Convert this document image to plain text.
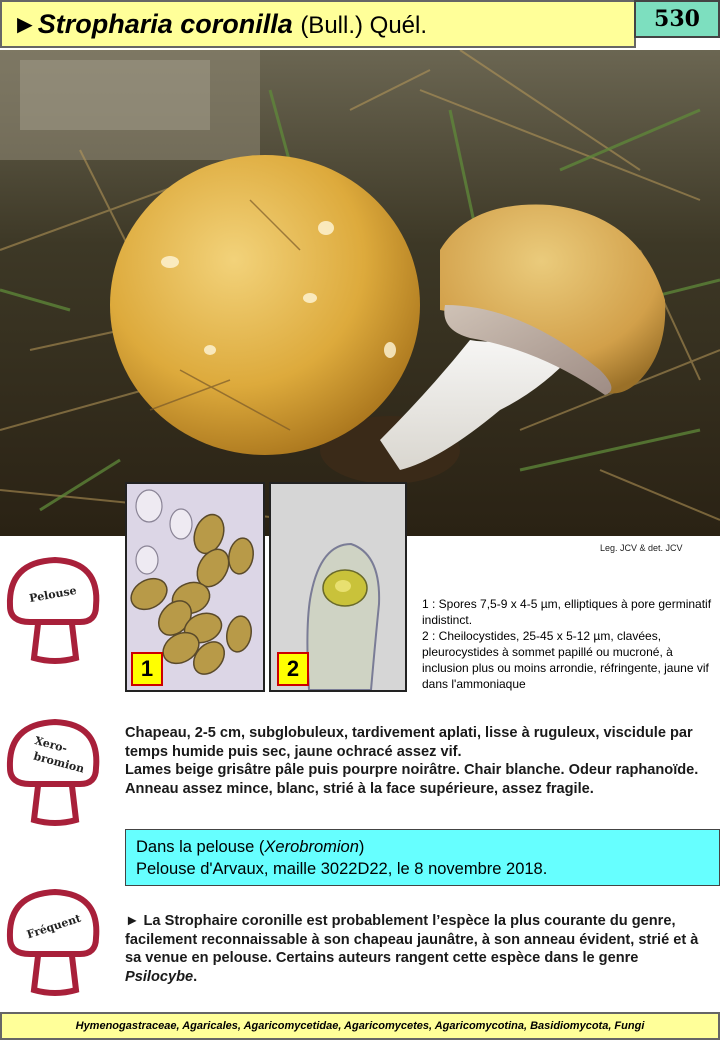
►Stropharia coronilla (Bull.) Quél.	530
1	2
Leg. JCV & det. JCV
1 : Spores 7,5-9 x 4-5 µm, elliptiques à pore germinatif indistinct.
2 : Cheilocystides, 25-45 x 5-12 µm, clavées, pleurocystides à sommet papillé ou mucroné, à inclusion plus ou moins arrondie, réfringente, jaune vif dans l'ammoniaque
Pelouse
Xero-
bromion
Fréquent
Chapeau, 2-5 cm, subglobuleux, tardivement aplati, lisse à ruguleux, viscidule par temps humide puis sec, jaune ochracé assez vif.
Lames beige grisâtre pâle puis pourpre noirâtre. Chair blanche. Odeur raphanoïde. Anneau assez mince, blanc, strié à la face supérieure, assez fragile.
Dans la pelouse (Xerobromion)
Pelouse d'Arvaux, maille 3022D22, le 8 novembre 2018.
► La Strophaire coronille est probablement l’espèce la plus courante du genre, facilement reconnaissable à son chapeau jaunâtre, à son anneau évident, strié et à sa venue en pelouse. Certains auteurs rangent cette espèce dans le genre Psilocybe.
Hymenogastraceae, Agaricales, Agaricomycetidae, Agaricomycetes, Agaricomycotina, Basidiomycota, Fungi
